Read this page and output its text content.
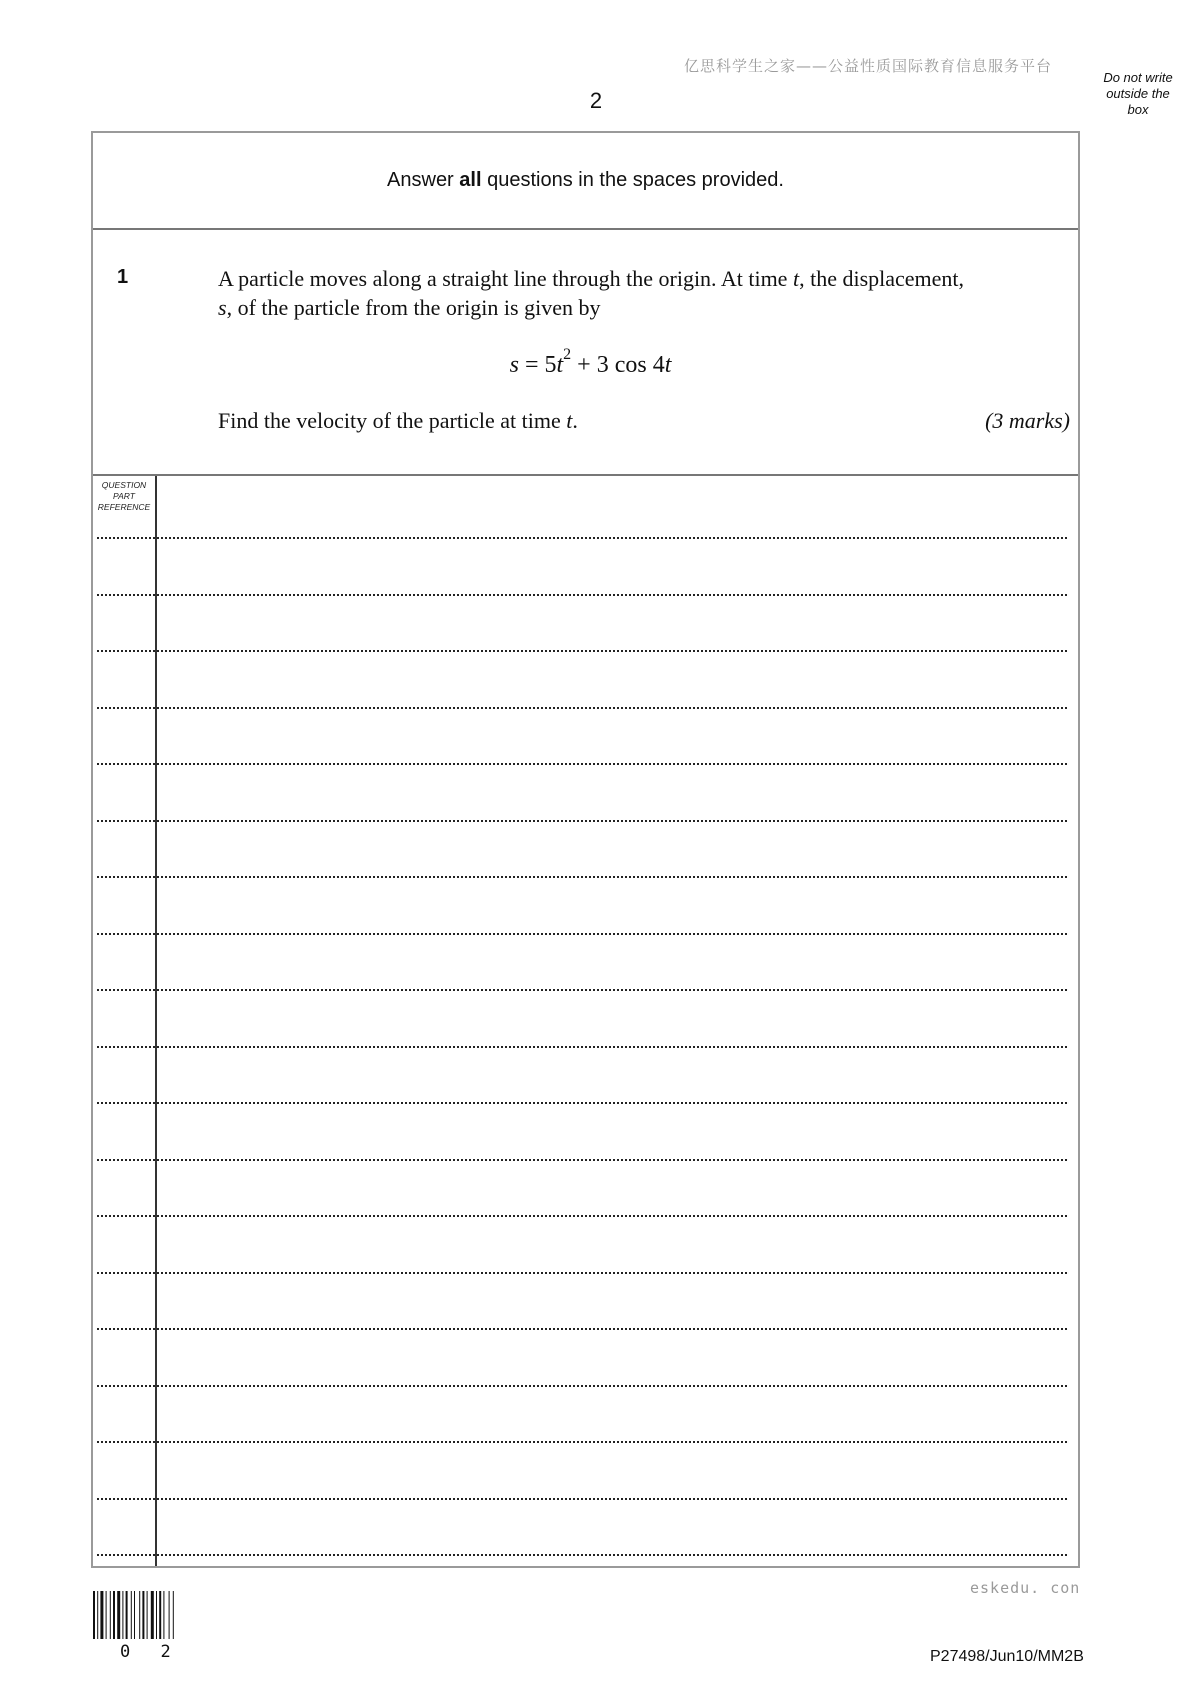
亿思科学生之家——公益性质国际教育信息服务平台
2
Do not write outside the box
Answer all questions in the spaces provided.
1	A particle moves along a straight line through the origin. At time t, the displacement, s, of the particle from the origin is given by
$s = 5t^2 + 3$ cos 4t
Find the velocity of the particle at time t.	(3 marks)
QUESTION PART REFERENCE
eskedu. con
0 2	P27498/Jun10/MM2B
